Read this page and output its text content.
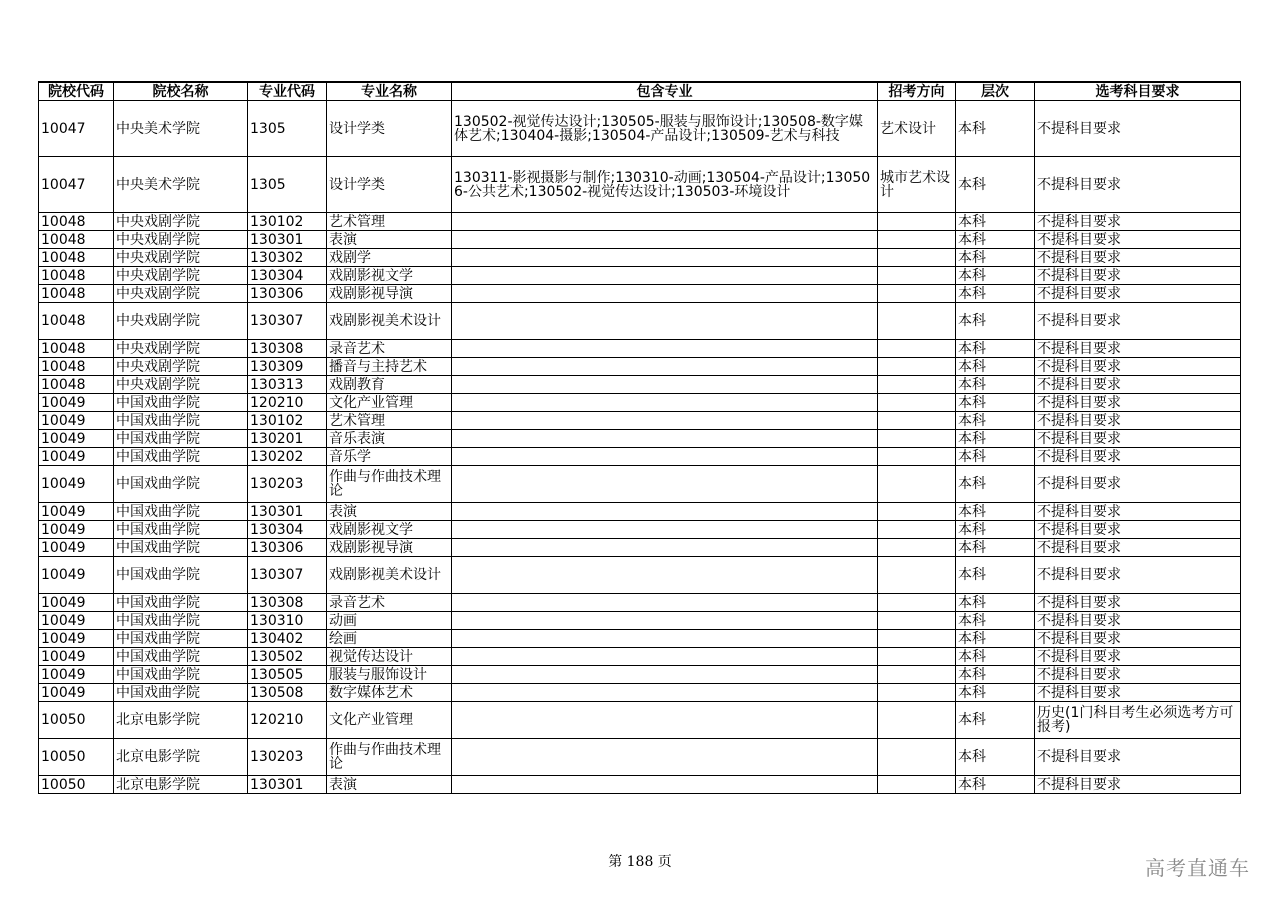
院校代码	院校名称	专业代码	专业名称	包含专业	招考方向	层次	选考科目要求
10047	中央美术学院	1305	设计学类	130502-视觉传达设计;130505-服装与服饰设计;130508-数字媒体艺术;130404-摄影;130504-产品设计;130509-艺术与科技	艺术设计	本科	不提科目要求
10047	中央美术学院	1305	设计学类	130311-影视摄影与制作;130310-动画;130504-产品设计;130506-公共艺术;130502-视觉传达设计;130503-环境设计	城市艺术设计	本科	不提科目要求
10048	中央戏剧学院	130102	艺术管理			本科	不提科目要求
10048	中央戏剧学院	130301	表演			本科	不提科目要求
10048	中央戏剧学院	130302	戏剧学			本科	不提科目要求
10048	中央戏剧学院	130304	戏剧影视文学			本科	不提科目要求
10048	中央戏剧学院	130306	戏剧影视导演			本科	不提科目要求
10048	中央戏剧学院	130307	戏剧影视美术设计			本科	不提科目要求
10048	中央戏剧学院	130308	录音艺术			本科	不提科目要求
10048	中央戏剧学院	130309	播音与主持艺术			本科	不提科目要求
10048	中央戏剧学院	130313	戏剧教育			本科	不提科目要求
10049	中国戏曲学院	120210	文化产业管理			本科	不提科目要求
10049	中国戏曲学院	130102	艺术管理			本科	不提科目要求
10049	中国戏曲学院	130201	音乐表演			本科	不提科目要求
10049	中国戏曲学院	130202	音乐学			本科	不提科目要求
10049	中国戏曲学院	130203	作曲与作曲技术理论			本科	不提科目要求
10049	中国戏曲学院	130301	表演			本科	不提科目要求
10049	中国戏曲学院	130304	戏剧影视文学			本科	不提科目要求
10049	中国戏曲学院	130306	戏剧影视导演			本科	不提科目要求
10049	中国戏曲学院	130307	戏剧影视美术设计			本科	不提科目要求
10049	中国戏曲学院	130308	录音艺术			本科	不提科目要求
10049	中国戏曲学院	130310	动画			本科	不提科目要求
10049	中国戏曲学院	130402	绘画			本科	不提科目要求
10049	中国戏曲学院	130502	视觉传达设计			本科	不提科目要求
10049	中国戏曲学院	130505	服装与服饰设计			本科	不提科目要求
10049	中国戏曲学院	130508	数字媒体艺术			本科	不提科目要求
10050	北京电影学院	120210	文化产业管理			本科	历史(1门科目考生必须选考方可报考)
10050	北京电影学院	130203	作曲与作曲技术理论			本科	不提科目要求
10050	北京电影学院	130301	表演			本科	不提科目要求
第 188 页	高考直通车
